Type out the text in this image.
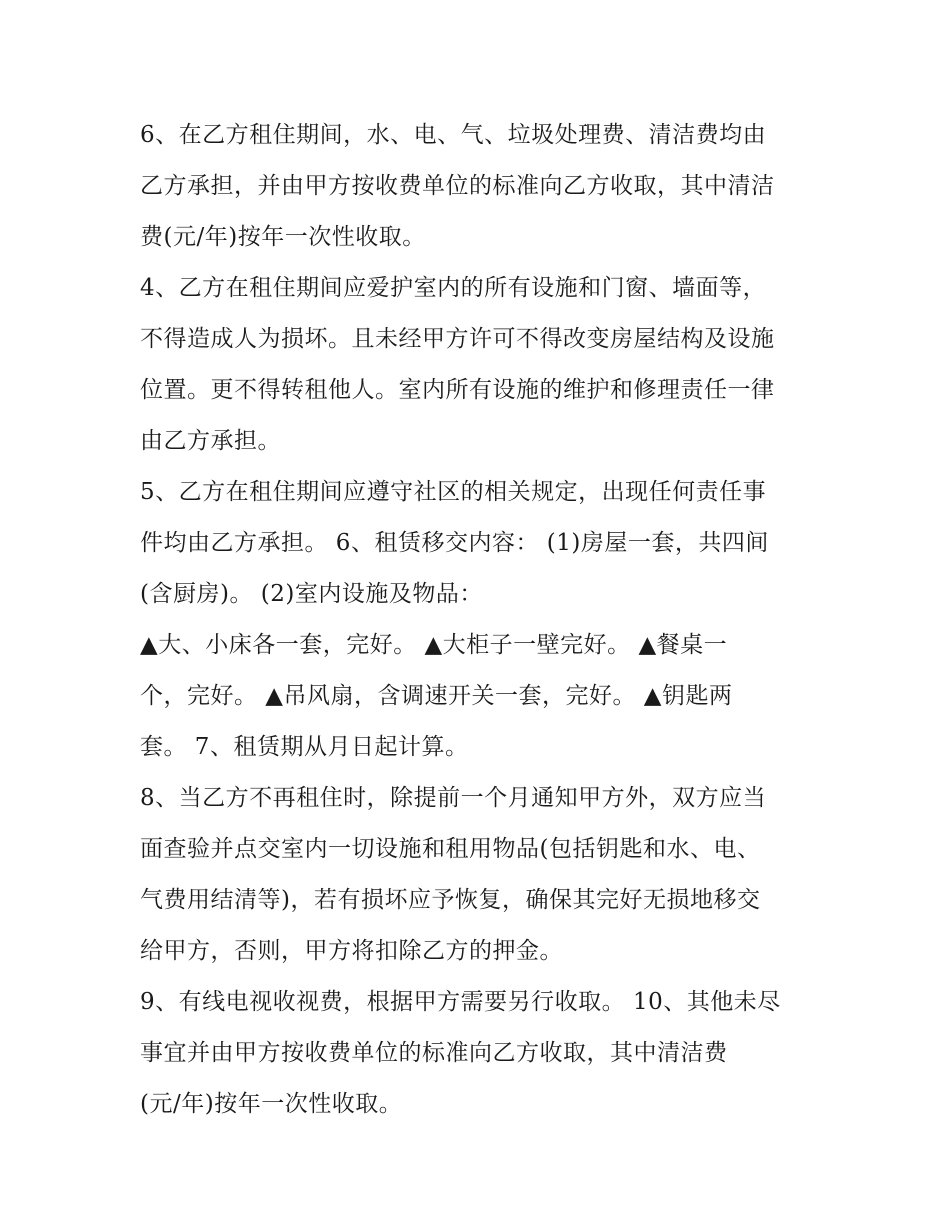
6、在乙方租住期间，水、电、气、垃圾处理费、清洁费均由
乙方承担，并由甲方按收费单位的标准向乙方收取，其中清洁
费(元/年)按年一次性收取。
4、乙方在租住期间应爱护室内的所有设施和门窗、墙面等，
不得造成人为损坏。且未经甲方许可不得改变房屋结构及设施
位置。更不得转租他人。室内所有设施的维护和修理责任一律
由乙方承担。
5、乙方在租住期间应遵守社区的相关规定，出现任何责任事
件均由乙方承担。 6、租赁移交内容： (1)房屋一套，共四间
(含厨房)。 (2)室内设施及物品：
▲大、小床各一套，完好。 ▲大柜子一壁完好。 ▲餐桌一
个，完好。 ▲吊风扇，含调速开关一套，完好。 ▲钥匙两
套。 7、租赁期从月日起计算。
8、当乙方不再租住时，除提前一个月通知甲方外，双方应当
面查验并点交室内一切设施和租用物品(包括钥匙和水、电、
气费用结清等)，若有损坏应予恢复，确保其完好无损地移交
给甲方，否则，甲方将扣除乙方的押金。
9、有线电视收视费，根据甲方需要另行收取。 10、其他未尽
事宜并由甲方按收费单位的标准向乙方收取，其中清洁费
(元/年)按年一次性收取。
